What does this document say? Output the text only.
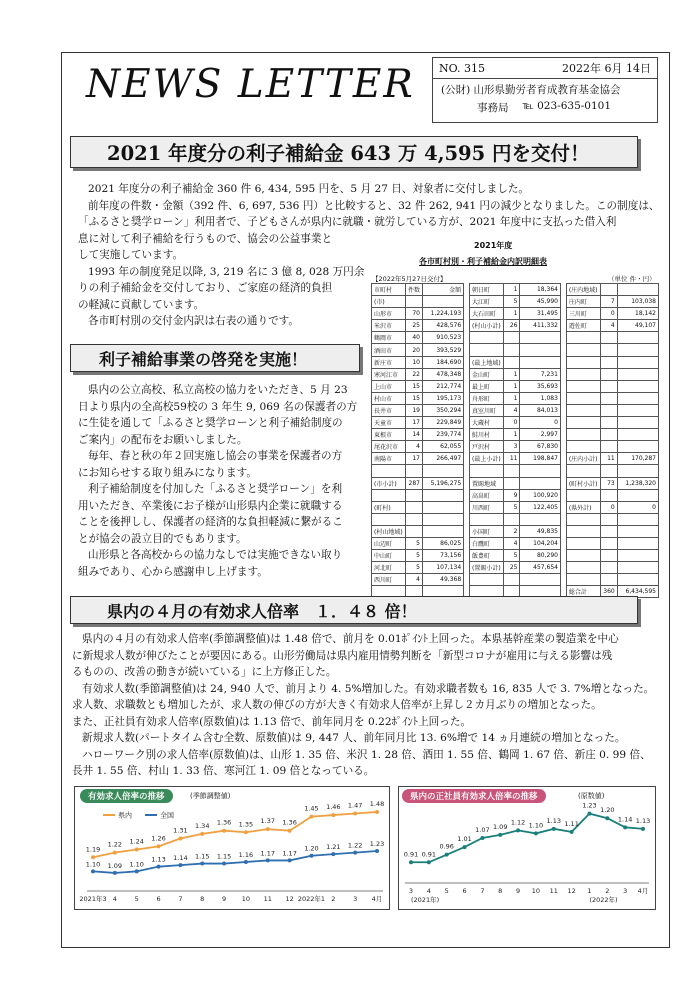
NEWS LETTER	NO. 315	2022年 6月 14日
(公財) 山形県勤労者育成教育基金協会
事務局 ℡ 023-635-0101
2021 年度分の利子補給金 643 万 4,595 円を交付！
2021 年度分の利子補給金 360 件 6, 434, 595 円を、5 月 27 日、対象者に交付しました。
前年度の件数・金額（392 件、6, 697, 536 円）と比較すると、32 件 262, 941 円の減少となりました。この制度は、
「ふるさと奨学ローン」利用者で、子どもさんが県内に就職・就労している方が、2021 年度中に支払った借入利
息に対して利子補給を行うもので、協会の公益事業と
して実施しています。
1993 年の制度発足以降, 3, 219 名に 3 億 8, 028 万円余
りの利子補給金を交付しており、ご家庭の経済的負担
の軽減に貢献しています。
各市町村別の交付金内訳は右表の通りです。
利子補給事業の啓発を実施！
県内の公立高校、私立高校の協力をいただき、5 月 23
日より県内の全高校59校の 3 年生 9, 069 名の保護者の方
に生徒を通して「ふるさと奨学ローンと利子補給制度の
ご案内」の配布をお願いしました。
毎年、春と秋の年２回実施し協会の事業を保護者の方
にお知らせする取り組みになります。
利子補給制度を付加した「ふるさと奨学ローン」を利
用いただき、卒業後にお子様が山形県内企業に就職する
ことを後押しし、保護者の経済的な負担軽減に繋がるこ
とが協会の設立目的でもあります。
山形県と各高校からの協力なしでは実施できない取り
組みであり、心から感謝申し上げます。
2021年度
各市町村別・利子補給金内訳明細表
【2022年5月27日交付】	（単位 件・円）
市町村	件数	金額		朝日町	1	18,364		(庄内地域)		
(市)				大江町	5	45,990		庄内町	7	103,038
山形市	70	1,224,193		大石田町	1	31,495		三川町	0	18,142
米沢市	25	428,576		(村山小計)	26	411,332		遊佐町	4	49,107
鶴岡市	40	910,523								
酒田市	20	393,529								
新庄市	10	184,690		(最上地域)						
寒河江市	22	478,348		金山町	1	7,231				
上山市	15	212,774		最上町	1	35,693				
村山市	15	195,173		舟形町	1	1,083				
長井市	19	350,294		真室川町	4	84,013				
天童市	17	229,849		大蔵村	0	0				
東根市	14	239,774		鮭川村	1	2,997				
尾花沢市	4	62,055		戸沢村	3	67,830				
南陽市	17	266,497		(最上小計)	11	198,847		(庄内小計)	11	170,287

(市小計)	287	5,196,275		置賜地域				(町村小計)	73	1,238,320
				高畠町	9	100,920				
(町村)				川西町	5	122,405		(県外計)	0	0

(村山地域)				小国町	2	49,835				
山辺町	5	86,025		白鷹町	4	104,204				
中山町	5	73,156		飯豊町	5	80,290				
河北町	5	107,134		(置賜小計)	25	457,654				
西川町	4	49,368								
								総合計	360	6,434,595
県内の４月の有効求人倍率　１．４８ 倍！
県内の４月の有効求人倍率(季節調整値)は 1.48 倍で、前月を 0.01ﾎﾟｲﾝﾄ上回った。本県基幹産業の製造業を中心
に新規求人数が伸びたことが要因にある。山形労働局は県内雇用情勢判断を「新型コロナが雇用に与える影響は残
るものの、改善の動きが続いている」に上方修正した。
有効求人数(季節調整値)は 24, 940 人で、前月より 4. 5%増加した。有効求職者数も 16, 835 人で 3. 7%増となった。
求人数、求職数とも増加したが、求人数の伸びの方が大きく有効求人倍率が上昇し２カ月ぶりの増加となった。
また、正社員有効求人倍率(原数値)は 1.13 倍で、前年同月を 0.22ﾎﾟｲﾝﾄ上回った。
新規求人数(パートタイム含む全数、原数値)は 9, 447 人、前年同月比 13. 6%増で 14 ヵ月連続の増加となった。
ハローワーク別の求人倍率(原数値)は、山形 1. 35 倍、米沢 1. 28 倍、酒田 1. 55 倍、鶴岡 1. 67 倍、新庄 0. 99 倍、
長井 1. 55 倍、村山 1. 33 倍、寒河江 1. 09 倍となっている。
2021年3 4	5	6	7	8	9 10 11 12 2022年1 2	3 4月
1.19
1.22 1.24 1.26
1.31
1.34 1.36 1.35 1.37 1.36
1.45 1.46 1.47 1.48
1.10 1.09 1.10
1.13 1.14 1.15 1.15 1.16 1.17 1.17
1.20 1.21 1.22 1.23
県内	全国
有効求人倍率の推移	(季節調整値)
3 4 5 6 7 8 9 10 11 12 1 2 3 4月
0.91 0.91
0.96
1.01
1.07 1.09
1.12 1.10
1.13 1.11
1.23
1.20
1.14 1.13
(2021年)	(2022年)
県内の正社員有効求人倍率の推移	(原数値)
